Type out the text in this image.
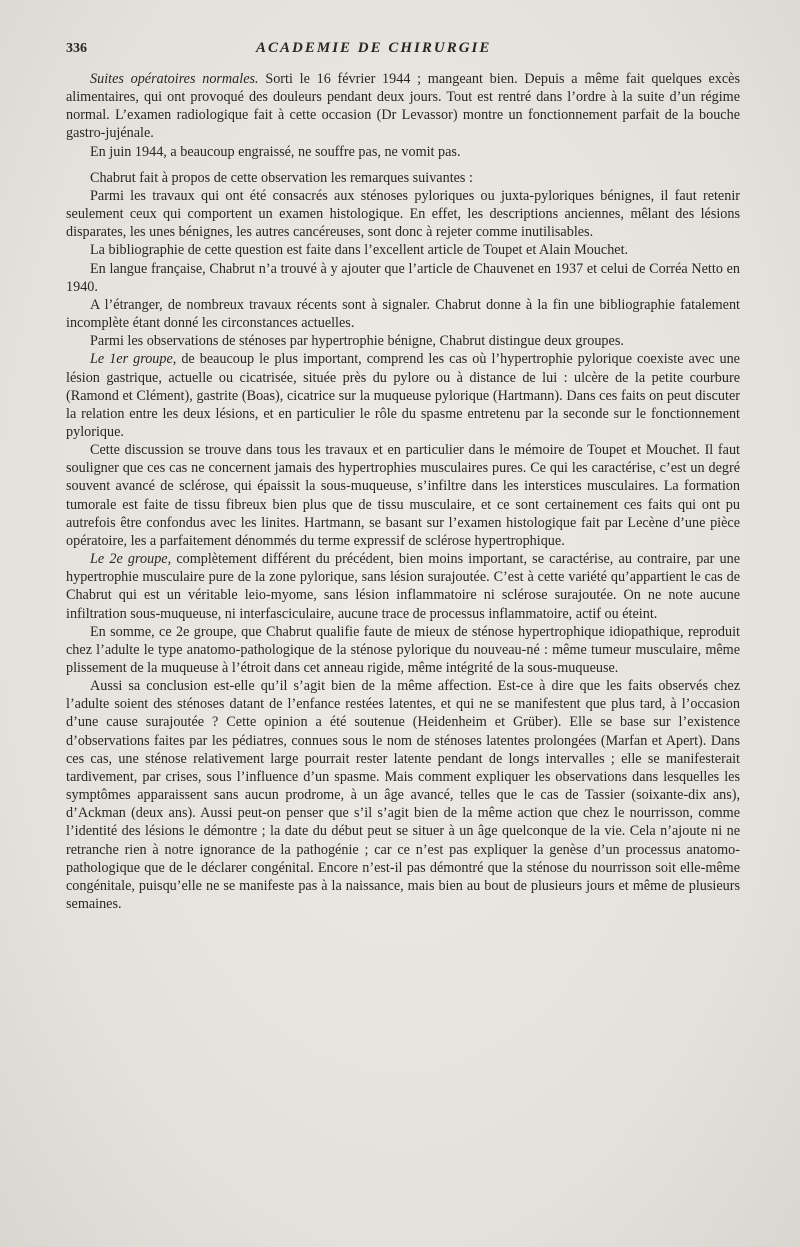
336	ACADEMIE DE CHIRURGIE

Suites opératoires normales. Sorti le 16 février 1944 ; mangeant bien. Depuis a même fait quelques excès alimentaires, qui ont provoqué des douleurs pendant deux jours. Tout est rentré dans l’ordre à la suite d’un régime normal. L’examen radiologique fait à cette occasion (Dr Levassor) montre un fonctionnement parfait de la bouche gastro-jujénale.

En juin 1944, a beaucoup engraissé, ne souffre pas, ne vomit pas.

Chabrut fait à propos de cette observation les remarques suivantes :

Parmi les travaux qui ont été consacrés aux sténoses pyloriques ou juxta-pyloriques bénignes, il faut retenir seulement ceux qui comportent un examen histologique. En effet, les descriptions anciennes, mêlant des lésions disparates, les unes bénignes, les autres cancéreuses, sont donc à rejeter comme inutilisables.

La bibliographie de cette question est faite dans l’excellent article de Toupet et Alain Mouchet.

En langue française, Chabrut n’a trouvé à y ajouter que l’article de Chauvenet en 1937 et celui de Corréa Netto en 1940.

A l’étranger, de nombreux travaux récents sont à signaler. Chabrut donne à la fin une bibliographie fatalement incomplète étant donné les circonstances actuelles.

Parmi les observations de sténoses par hypertrophie bénigne, Chabrut distingue deux groupes.

Le 1er groupe, de beaucoup le plus important, comprend les cas où l’hypertrophie pylorique coexiste avec une lésion gastrique, actuelle ou cicatrisée, située près du pylore ou à distance de lui : ulcère de la petite courbure (Ramond et Clément), gastrite (Boas), cicatrice sur la muqueuse pylorique (Hartmann). Dans ces faits on peut discuter la relation entre les deux lésions, et en particulier le rôle du spasme entretenu par la seconde sur le fonctionnement pylorique.

Cette discussion se trouve dans tous les travaux et en particulier dans le mémoire de Toupet et Mouchet. Il faut souligner que ces cas ne concernent jamais des hypertrophies musculaires pures. Ce qui les caractérise, c’est un degré souvent avancé de sclérose, qui épaissit la sous-muqueuse, s’infiltre dans les interstices musculaires. La formation tumorale est faite de tissu fibreux bien plus que de tissu musculaire, et ce sont certainement ces faits qui ont pu autrefois être confondus avec les linites. Hartmann, se basant sur l’examen histologique fait par Lecène d’une pièce opératoire, les a parfaitement dénommés du terme expressif de sclérose hypertrophique.

Le 2e groupe, complètement différent du précédent, bien moins important, se caractérise, au contraire, par une hypertrophie musculaire pure de la zone pylorique, sans lésion surajoutée. C’est à cette variété qu’appartient le cas de Chabrut qui est un véritable leio-myome, sans lésion inflammatoire ni sclérose surajoutée. On ne note aucune infiltration sous-muqueuse, ni interfasciculaire, aucune trace de processus inflammatoire, actif ou éteint.

En somme, ce 2e groupe, que Chabrut qualifie faute de mieux de sténose hypertrophique idiopathique, reproduit chez l’adulte le type anatomo-pathologique de la sténose pylorique du nouveau-né : même tumeur musculaire, même plissement de la muqueuse à l’étroit dans cet anneau rigide, même intégrité de la sous-muqueuse.

Aussi sa conclusion est-elle qu’il s’agit bien de la même affection. Est-ce à dire que les faits observés chez l’adulte soient des sténoses datant de l’enfance restées latentes, et qui ne se manifestent que plus tard, à l’occasion d’une cause surajoutée ? Cette opinion a été soutenue (Heidenheim et Grüber). Elle se base sur l’existence d’observations faites par les pédiatres, connues sous le nom de sténoses latentes prolongées (Marfan et Apert). Dans ces cas, une sténose relativement large pourrait rester latente pendant de longs intervalles ; elle se manifesterait tardivement, par crises, sous l’influence d’un spasme. Mais comment expliquer les observations dans lesquelles les symptômes apparaissent sans aucun prodrome, à un âge avancé, telles que le cas de Tassier (soixante-dix ans), d’Ackman (deux ans). Aussi peut-on penser que s’il s’agit bien de la même action que chez le nourrisson, comme l’identité des lésions le démontre ; la date du début peut se situer à un âge quelconque de la vie. Cela n’ajoute ni ne retranche rien à notre ignorance de la pathogénie ; car ce n’est pas expliquer la genèse d’un processus anatomo-pathologique que de le déclarer congénital. Encore n’est-il pas démontré que la sténose du nourrisson soit elle-même congénitale, puisqu’elle ne se manifeste pas à la naissance, mais bien au bout de plusieurs jours et même de plusieurs semaines.
